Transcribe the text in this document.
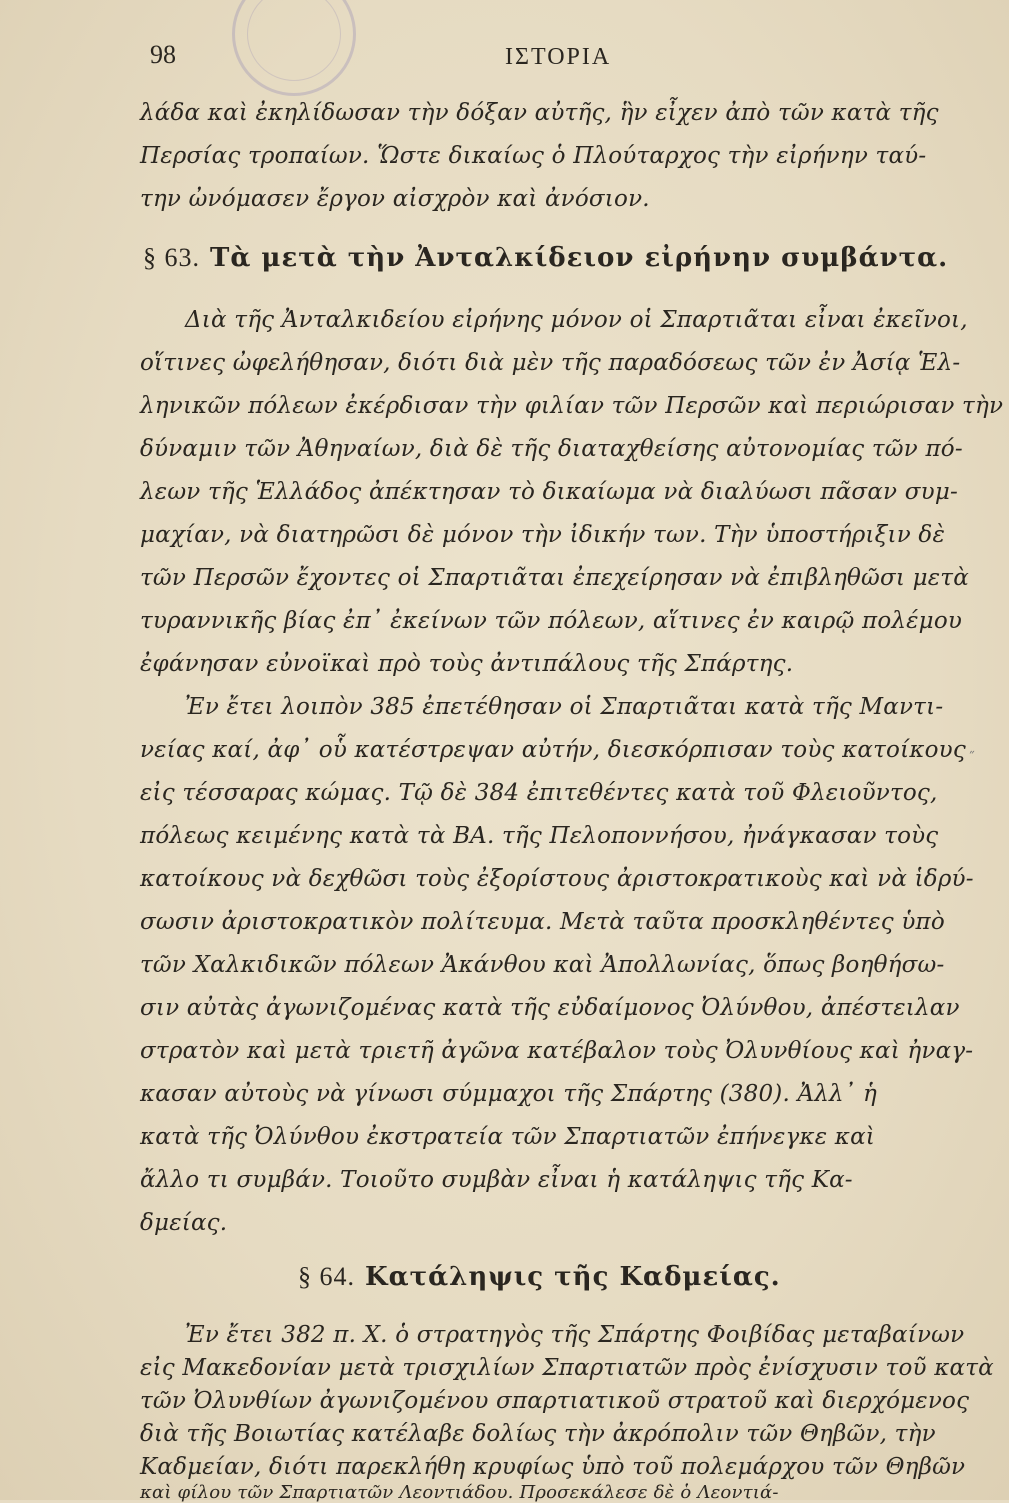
98	ΙΣΤΟΡΙΑ
λάδα καὶ ἐκηλίδωσαν τὴν δόξαν αὐτῆς, ἣν εἶχεν ἀπὸ τῶν κατὰ τῆς
Περσίας τροπαίων. Ὥστε δικαίως ὁ Πλούταρχος τὴν εἰρήνην ταύ-
την ὠνόμασεν ἔργον αἰσχρὸν καὶ ἀνόσιον.
§ 63. Τὰ μετὰ τὴν Ἀνταλκίδειον εἰρήνην συμβάντα.
Διὰ τῆς Ἀνταλκιδείου εἰρήνης μόνον οἱ Σπαρτιᾶται εἶναι ἐκεῖνοι,
οἵτινες ὠφελήθησαν, διότι διὰ μὲν τῆς παραδόσεως τῶν ἐν Ἀσίᾳ Ἑλ-
ληνικῶν πόλεων ἐκέρδισαν τὴν φιλίαν τῶν Περσῶν καὶ περιώρισαν τὴν
δύναμιν τῶν Ἀθηναίων, διὰ δὲ τῆς διαταχθείσης αὐτονομίας τῶν πό-
λεων τῆς Ἑλλάδος ἀπέκτησαν τὸ δικαίωμα νὰ διαλύωσι πᾶσαν συμ-
μαχίαν, νὰ διατηρῶσι δὲ μόνον τὴν ἰδικήν των. Τὴν ὑποστήριξιν δὲ
τῶν Περσῶν ἔχοντες οἱ Σπαρτιᾶται ἐπεχείρησαν νὰ ἐπιβληθῶσι μετὰ
τυραννικῆς βίας ἐπ᾽ ἐκείνων τῶν πόλεων, αἵτινες ἐν καιρῷ πολέμου
ἐφάνησαν εὐνοϊκαὶ πρὸ τοὺς ἀντιπάλους τῆς Σπάρτης.
Ἐν ἔτει λοιπὸν 385 ἐπετέθησαν οἱ Σπαρτιᾶται κατὰ τῆς Μαντι-
νείας καί, ἀφ᾽ οὗ κατέστρεψαν αὐτήν, διεσκόρπισαν τοὺς κατοίκους
εἰς τέσσαρας κώμας. Τῷ δὲ 384 ἐπιτεθέντες κατὰ τοῦ Φλειοῦντος,
πόλεως κειμένης κατὰ τὰ ΒΑ. τῆς Πελοποννήσου, ἠνάγκασαν τοὺς
κατοίκους νὰ δεχθῶσι τοὺς ἐξορίστους ἀριστοκρατικοὺς καὶ νὰ ἱδρύ-
σωσιν ἀριστοκρατικὸν πολίτευμα. Μετὰ ταῦτα προσκληθέντες ὑπὸ
τῶν Χαλκιδικῶν πόλεων Ἀκάνθου καὶ Ἀπολλωνίας, ὅπως βοηθήσω-
σιν αὐτὰς ἀγωνιζομένας κατὰ τῆς εὐδαίμονος Ὀλύνθου, ἀπέστειλαν
στρατὸν καὶ μετὰ τριετῆ ἀγῶνα κατέβαλον τοὺς Ὀλυνθίους καὶ ἠναγ-
κασαν αὐτοὺς νὰ γίνωσι σύμμαχοι τῆς Σπάρτης (380). Ἀλλ᾽ ἡ
κατὰ τῆς Ὀλύνθου ἐκστρατεία τῶν Σπαρτιατῶν ἐπήνεγκε καὶ
ἄλλο τι συμβάν. Τοιοῦτο συμβὰν εἶναι ἡ κατάληψις τῆς Κα-
δμείας.
§ 64. Κατάληψις τῆς Καδμείας.
Ἐν ἔτει 382 π. Χ. ὁ στρατηγὸς τῆς Σπάρτης Φοιβίδας μεταβαίνων
εἰς Μακεδονίαν μετὰ τρισχιλίων Σπαρτιατῶν πρὸς ἐνίσχυσιν τοῦ κατὰ
τῶν Ὀλυνθίων ἀγωνιζομένου σπαρτιατικοῦ στρατοῦ καὶ διερχόμενος
διὰ τῆς Βοιωτίας κατέλαβε δολίως τὴν ἀκρόπολιν τῶν Θηβῶν, τὴν
Καδμείαν, διότι παρεκλήθη κρυφίως ὑπὸ τοῦ πολεμάρχου τῶν Θηβῶν
καὶ φίλου τῶν Σπαρτιατῶν Λεοντιάδου. Προσεκάλεσε δὲ ὁ Λεοντιά-
˝
